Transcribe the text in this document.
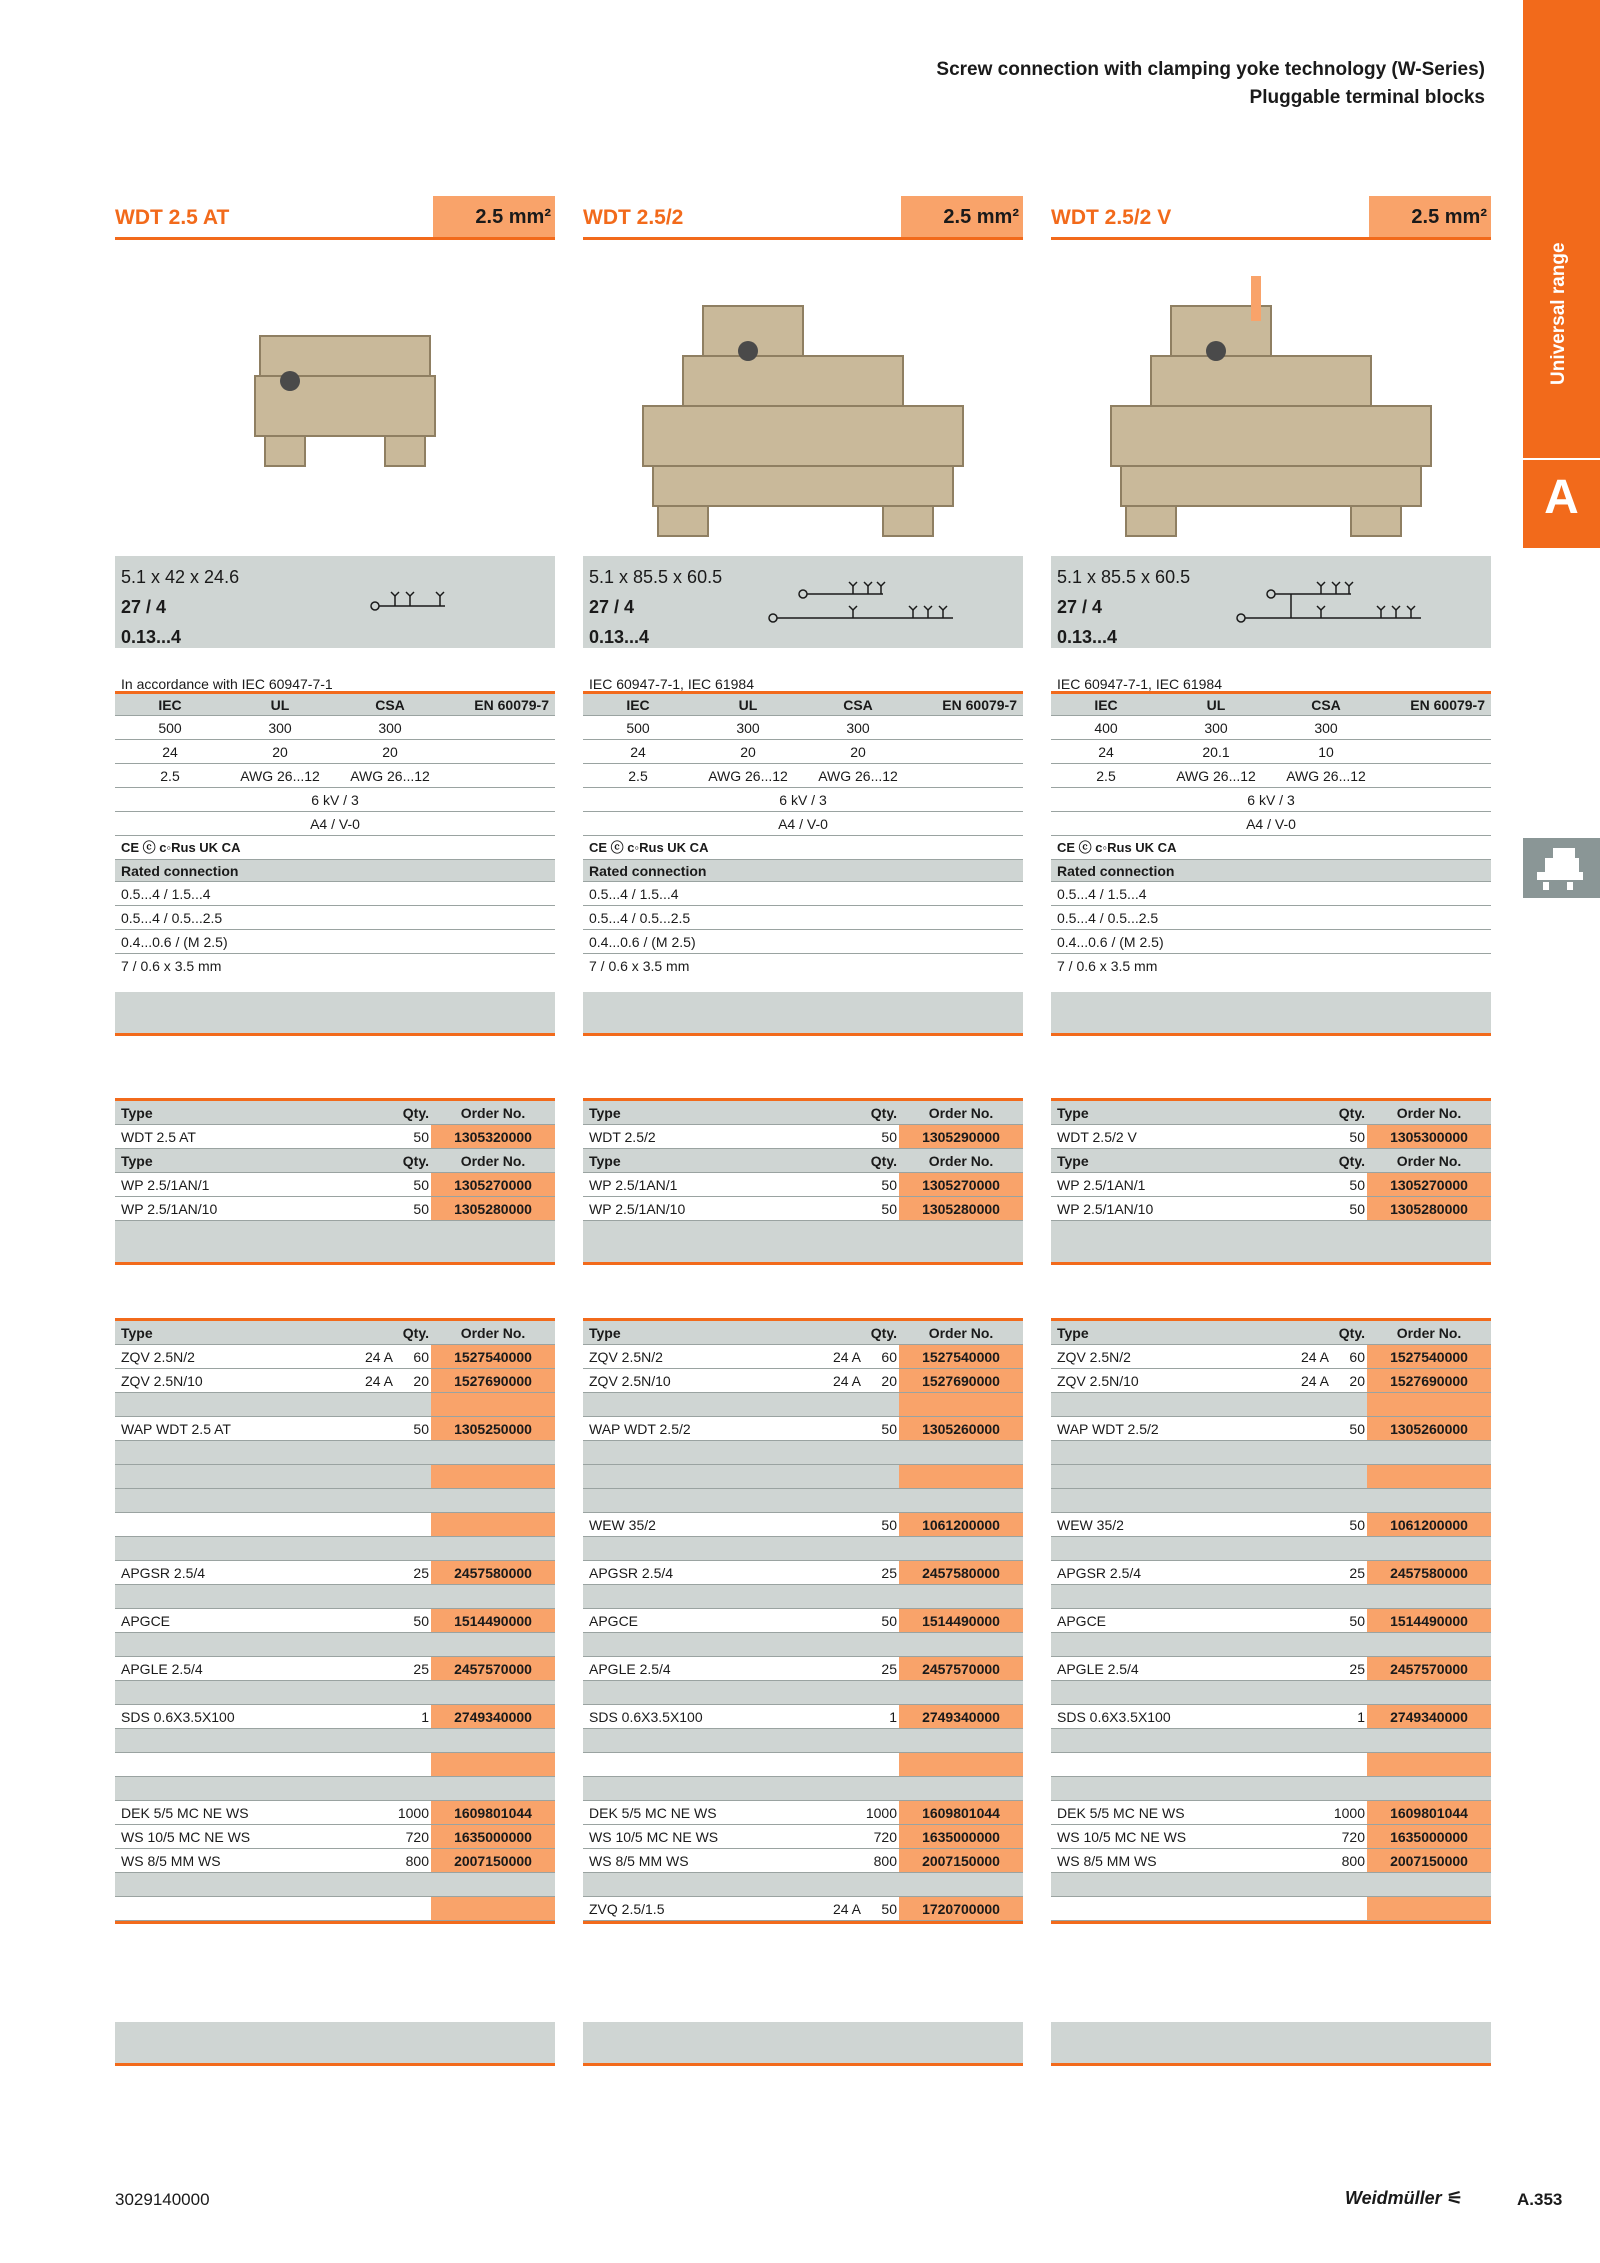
Screw connection with clamping yoke technology (W-Series)
Pluggable terminal blocks
Universal range
A
WDT 2.5 AT	2.5 mm²
5.1 x 42 x 24.6
27 / 4
0.13...4
In accordance with IEC 60947-7-1
IEC	UL	CSA	EN 60079-7
500	300	300
24	20	20
2.5	AWG 26...12	AWG 26...12
6 kV / 3
A4 / V-0
CE ⓒ c◦Rus UK CA
Rated connection
0.5...4 / 1.5...4
0.5...4 / 0.5...2.5
0.4...0.6 / (M 2.5)
7 / 0.6 x 3.5 mm
Type	Qty.	Order No.
WDT 2.5 AT	50	1305320000
Type	Qty.	Order No.
WP 2.5/1AN/1	50	1305270000
WP 2.5/1AN/10	50	1305280000
Type	Qty.	Order No.
ZQV 2.5N/2	24 A	60	1527540000
ZQV 2.5N/10	24 A	20	1527690000
WAP WDT 2.5 AT	50	1305250000
APGSR 2.5/4	25	2457580000
APGCE	50	1514490000
APGLE 2.5/4	25	2457570000
SDS 0.6X3.5X100	1	2749340000
DEK 5/5 MC NE WS	1000	1609801044
WS 10/5 MC NE WS	720	1635000000
WS 8/5 MM WS	800	2007150000
WDT 2.5/2	2.5 mm²
5.1 x 85.5 x 60.5
27 / 4
0.13...4
IEC 60947-7-1, IEC 61984
IEC	UL	CSA	EN 60079-7
500	300	300
24	20	20
2.5	AWG 26...12	AWG 26...12
6 kV / 3
A4 / V-0
CE ⓒ c◦Rus UK CA
Rated connection
0.5...4 / 1.5...4
0.5...4 / 0.5...2.5
0.4...0.6 / (M 2.5)
7 / 0.6 x 3.5 mm
Type	Qty.	Order No.
WDT 2.5/2	50	1305290000
Type	Qty.	Order No.
WP 2.5/1AN/1	50	1305270000
WP 2.5/1AN/10	50	1305280000
Type	Qty.	Order No.
ZQV 2.5N/2	24 A	60	1527540000
ZQV 2.5N/10	24 A	20	1527690000
WAP WDT 2.5/2	50	1305260000
WEW 35/2	50	1061200000
APGSR 2.5/4	25	2457580000
APGCE	50	1514490000
APGLE 2.5/4	25	2457570000
SDS 0.6X3.5X100	1	2749340000
DEK 5/5 MC NE WS	1000	1609801044
WS 10/5 MC NE WS	720	1635000000
WS 8/5 MM WS	800	2007150000
ZVQ 2.5/1.5	24 A	50	1720700000
WDT 2.5/2 V	2.5 mm²
5.1 x 85.5 x 60.5
27 / 4
0.13...4
IEC 60947-7-1, IEC 61984
IEC	UL	CSA	EN 60079-7
400	300	300
24	20.1	10
2.5	AWG 26...12	AWG 26...12
6 kV / 3
A4 / V-0
CE ⓒ c◦Rus UK CA
Rated connection
0.5...4 / 1.5...4
0.5...4 / 0.5...2.5
0.4...0.6 / (M 2.5)
7 / 0.6 x 3.5 mm
Type	Qty.	Order No.
WDT 2.5/2 V	50	1305300000
Type	Qty.	Order No.
WP 2.5/1AN/1	50	1305270000
WP 2.5/1AN/10	50	1305280000
Type	Qty.	Order No.
ZQV 2.5N/2	24 A	60	1527540000
ZQV 2.5N/10	24 A	20	1527690000
WAP WDT 2.5/2	50	1305260000
WEW 35/2	50	1061200000
APGSR 2.5/4	25	2457580000
APGCE	50	1514490000
APGLE 2.5/4	25	2457570000
SDS 0.6X3.5X100	1	2749340000
DEK 5/5 MC NE WS	1000	1609801044
WS 10/5 MC NE WS	720	1635000000
WS 8/5 MM WS	800	2007150000
3029140000	Weidmüller ⚟	A.353
